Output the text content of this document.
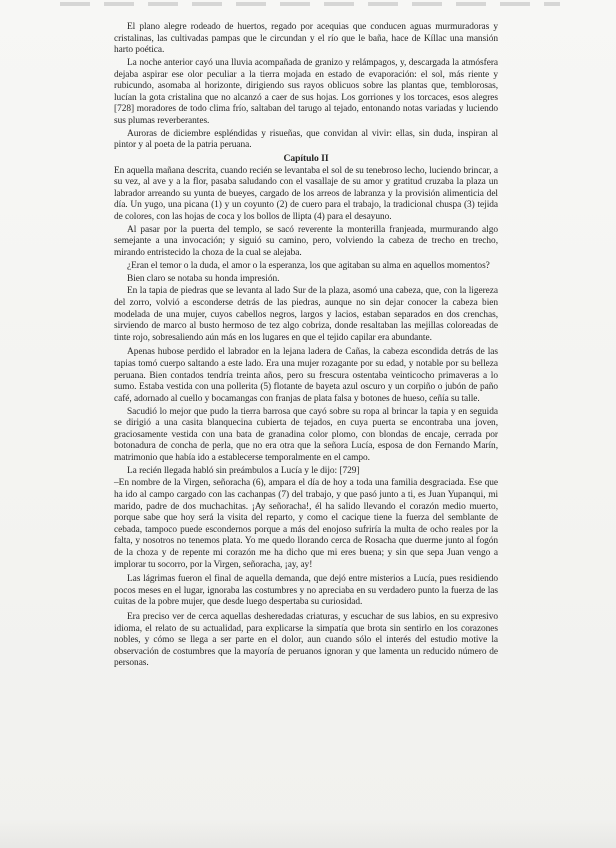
El plano alegre rodeado de huertos, regado por acequias que conducen aguas murmuradoras y cristalinas, las cultivadas pampas que le circundan y el río que le baña, hace de Kíllac una mansión harto poética.

La noche anterior cayó una lluvia acompañada de granizo y relámpagos, y, descargada la atmósfera dejaba aspirar ese olor peculiar a la tierra mojada en estado de evaporación: el sol, más riente y rubicundo, asomaba al horizonte, dirigiendo sus rayos oblicuos sobre las plantas que, temblorosas, lucían la gota cristalina que no alcanzó a caer de sus hojas. Los gorriones y los torcaces, esos alegres [728] moradores de todo clima frío, saltaban del tarugo al tejado, entonando notas variadas y luciendo sus plumas reverberantes.

Auroras de diciembre espléndidas y risueñas, que convidan al vivir: ellas, sin duda, inspiran al pintor y al poeta de la patria peruana.

Capítulo II

En aquella mañana descrita, cuando recién se levantaba el sol de su tenebroso lecho, luciendo brincar, a su vez, al ave y a la flor, pasaba saludando con el vasallaje de su amor y gratitud cruzaba la plaza un labrador arreando su yunta de bueyes, cargado de los arreos de labranza y la provisión alimenticia del día. Un yugo, una picana (1) y un coyunto (2) de cuero para el trabajo, la tradicional chuspa (3) tejida de colores, con las hojas de coca y los bollos de llipta (4) para el desayuno.

Al pasar por la puerta del templo, se sacó reverente la monterilla franjeada, murmurando algo semejante a una invocación; y siguió su camino, pero, volviendo la cabeza de trecho en trecho, mirando entristecido la choza de la cual se alejaba.

¿Eran el temor o la duda, el amor o la esperanza, los que agitaban su alma en aquellos momentos?

Bien claro se notaba su honda impresión.

En la tapia de piedras que se levanta al lado Sur de la plaza, asomó una cabeza, que, con la ligereza del zorro, volvió a esconderse detrás de las piedras, aunque no sin dejar conocer la cabeza bien modelada de una mujer, cuyos cabellos negros, largos y lacios, estaban separados en dos crenchas, sirviendo de marco al busto hermoso de tez algo cobriza, donde resaltaban las mejillas coloreadas de tinte rojo, sobresaliendo aún más en los lugares en que el tejido capilar era abundante.

Apenas hubose perdido el labrador en la lejana ladera de Cañas, la cabeza escondida detrás de las tapias tomó cuerpo saltando a este lado. Era una mujer rozagante por su edad, y notable por su belleza peruana. Bien contados tendría treinta años, pero su frescura ostentaba veinticocho primaveras a lo sumo. Estaba vestida con una pollerita (5) flotante de bayeta azul oscuro y un corpiño o jubón de paño café, adornado al cuello y bocamangas con franjas de plata falsa y botones de hueso, ceñía su talle.

Sacudió lo mejor que pudo la tierra barrosa que cayó sobre su ropa al brincar la tapia y en seguida se dirigió a una casita blanquecina cubierta de tejados, en cuya puerta se encontraba una joven, graciosamente vestida con una bata de granadina color plomo, con blondas de encaje, cerrada por botonadura de concha de perla, que no era otra que la señora Lucía, esposa de don Fernando Marín, matrimonio que había ido a establecerse temporalmente en el campo.

La recién llegada habló sin preámbulos a Lucía y le dijo: [729]

–En nombre de la Virgen, señoracha (6), ampara el día de hoy a toda una familia desgraciada. Ese que ha ido al campo cargado con las cachanpas (7) del trabajo, y que pasó junto a ti, es Juan Yupanqui, mi marido, padre de dos muchachitas. ¡Ay señoracha!, él ha salido llevando el corazón medio muerto, porque sabe que hoy será la visita del reparto, y como el cacique tiene la fuerza del semblante de cebada, tampoco puede escondernos porque a más del enojoso sufriría la multa de ocho reales por la falta, y nosotros no tenemos plata. Yo me quedo llorando cerca de Rosacha que duerme junto al fogón de la choza y de repente mi corazón me ha dicho que mi eres buena; y sin que sepa Juan vengo a implorar tu socorro, por la Virgen, señoracha, ¡ay, ay!

Las lágrimas fueron el final de aquella demanda, que dejó entre misterios a Lucía, pues residiendo pocos meses en el lugar, ignoraba las costumbres y no apreciaba en su verdadero punto la fuerza de las cuitas de la pobre mujer, que desde luego despertaba su curiosidad.

Era preciso ver de cerca aquellas desheredadas criaturas, y escuchar de sus labios, en su expresivo idioma, el relato de su actualidad, para explicarse la simpatía que brota sin sentirlo en los corazones nobles, y cómo se llega a ser parte en el dolor, aun cuando sólo el interés del estudio motive la observación de costumbres que la mayoría de peruanos ignoran y que lamenta un reducido número de personas.
